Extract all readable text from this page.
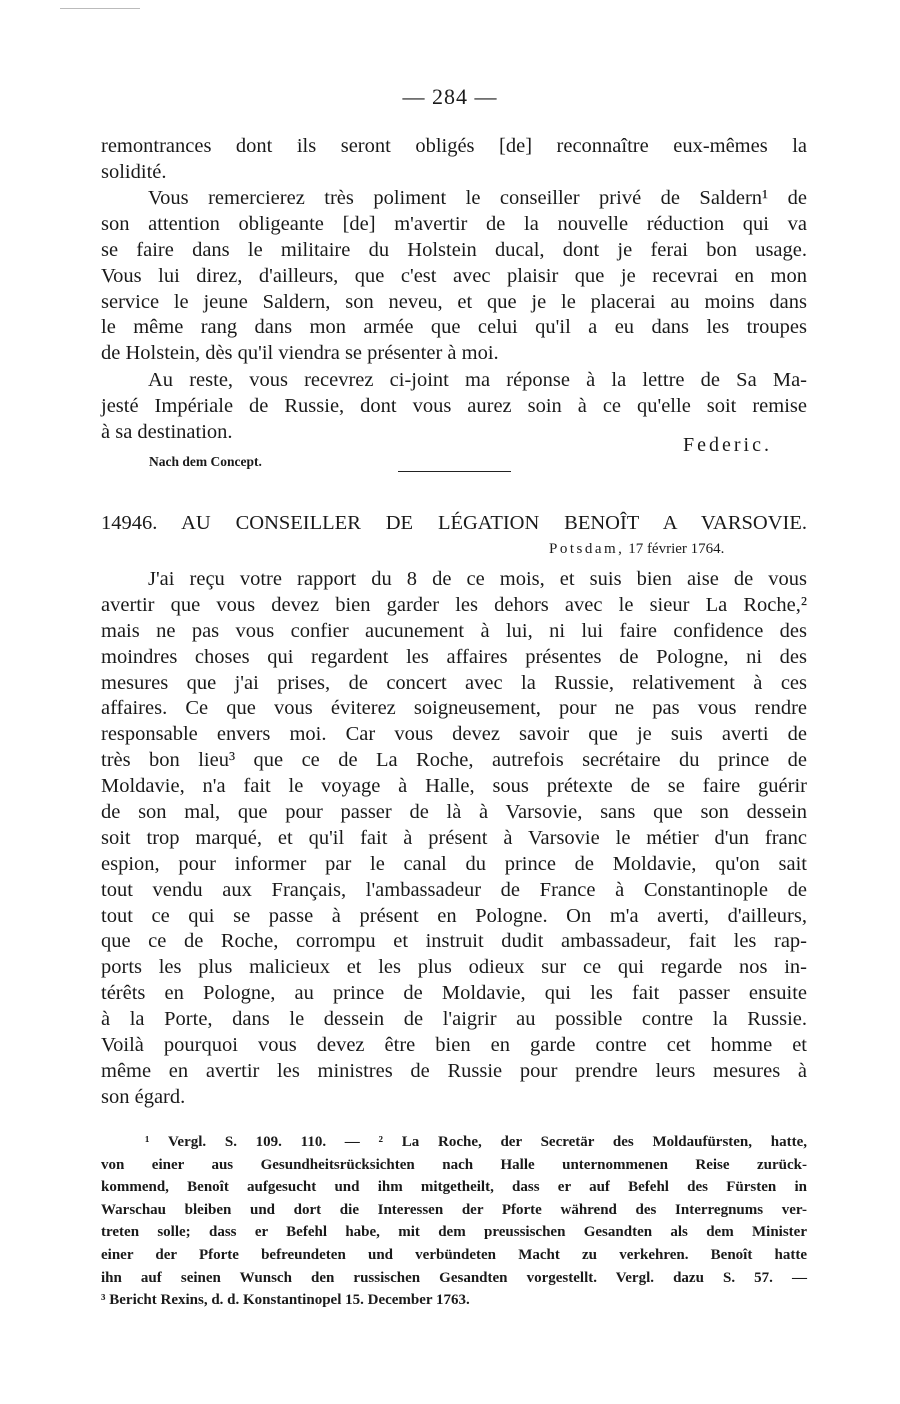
— 284 —
remontrances dont ils seront obligés [de] reconnaître eux-mêmes la
solidité.
Vous remercierez très poliment le conseiller privé de Saldern¹ de
son attention obligeante [de] m'avertir de la nouvelle réduction qui va
se faire dans le militaire du Holstein ducal, dont je ferai bon usage.
Vous lui direz, d'ailleurs, que c'est avec plaisir que je recevrai en mon
service le jeune Saldern, son neveu, et que je le placerai au moins dans
le même rang dans mon armée que celui qu'il a eu dans les troupes
de Holstein, dès qu'il viendra se présenter à moi.
Au reste, vous recevrez ci-joint ma réponse à la lettre de Sa Ma-
jesté Impériale de Russie, dont vous aurez soin à ce qu'elle soit remise
à sa destination.
Federic.
Nach dem Concept.
14946. AU CONSEILLER DE LÉGATION BENOÎT A VARSOVIE.
Potsdam, 17 février 1764.
J'ai reçu votre rapport du 8 de ce mois, et suis bien aise de vous
avertir que vous devez bien garder les dehors avec le sieur La Roche,²
mais ne pas vous confier aucunement à lui, ni lui faire confidence des
moindres choses qui regardent les affaires présentes de Pologne, ni des
mesures que j'ai prises, de concert avec la Russie, relativement à ces
affaires. Ce que vous éviterez soigneusement, pour ne pas vous rendre
responsable envers moi. Car vous devez savoir que je suis averti de
très bon lieu³ que ce de La Roche, autrefois secrétaire du prince de
Moldavie, n'a fait le voyage à Halle, sous prétexte de se faire guérir
de son mal, que pour passer de là à Varsovie, sans que son dessein
soit trop marqué, et qu'il fait à présent à Varsovie le métier d'un franc
espion, pour informer par le canal du prince de Moldavie, qu'on sait
tout vendu aux Français, l'ambassadeur de France à Constantinople de
tout ce qui se passe à présent en Pologne. On m'a averti, d'ailleurs,
que ce de Roche, corrompu et instruit dudit ambassadeur, fait les rap-
ports les plus malicieux et les plus odieux sur ce qui regarde nos in-
térêts en Pologne, au prince de Moldavie, qui les fait passer ensuite
à la Porte, dans le dessein de l'aigrir au possible contre la Russie.
Voilà pourquoi vous devez être bien en garde contre cet homme et
même en avertir les ministres de Russie pour prendre leurs mesures à
son égard.
¹ Vergl. S. 109. 110. — ² La Roche, der Secretär des Moldaufürsten, hatte,
von einer aus Gesundheitsrücksichten nach Halle unternommenen Reise zurück-
kommend, Benoît aufgesucht und ihm mitgetheilt, dass er auf Befehl des Fürsten in
Warschau bleiben und dort die Interessen der Pforte während des Interregnums ver-
treten solle; dass er Befehl habe, mit dem preussischen Gesandten als dem Minister
einer der Pforte befreundeten und verbündeten Macht zu verkehren. Benoît hatte
ihn auf seinen Wunsch den russischen Gesandten vorgestellt. Vergl. dazu S. 57. —
³ Bericht Rexins, d. d. Konstantinopel 15. December 1763.
